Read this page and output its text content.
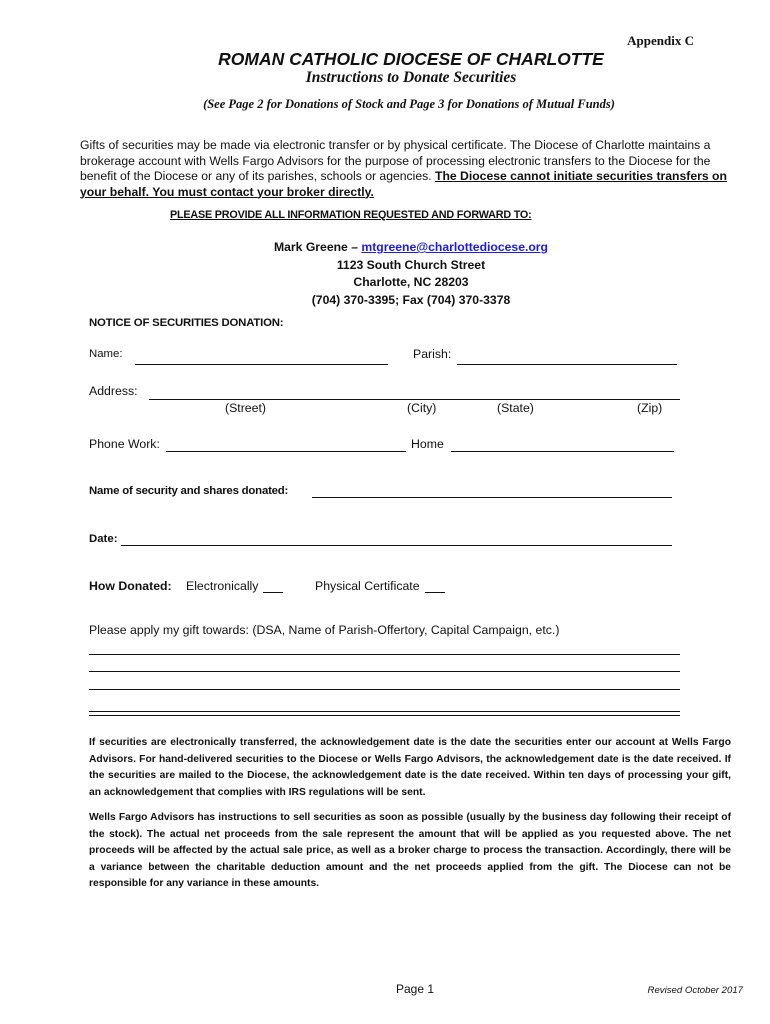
Appendix C
ROMAN CATHOLIC DIOCESE OF CHARLOTTE
Instructions to Donate Securities
(See Page 2 for Donations of Stock and Page 3 for Donations of Mutual Funds)
Gifts of securities may be made via electronic transfer or by physical certificate. The Diocese of Charlotte maintains a brokerage account with Wells Fargo Advisors for the purpose of processing electronic transfers to the Diocese for the benefit of the Diocese or any of its parishes, schools or agencies. The Diocese cannot initiate securities transfers on your behalf. You must contact your broker directly.
PLEASE PROVIDE ALL INFORMATION REQUESTED AND FORWARD TO:
Mark Greene – mtgreene@charlottediocese.org
1123 South Church Street
Charlotte, NC 28203
(704) 370-3395; Fax (704) 370-3378
NOTICE OF SECURITIES DONATION:
Name:	Parish:
Address:
(Street)	(City)	(State)	(Zip)
Phone Work:	Home
Name of security and shares donated:
Date:
How Donated: Electronically	Physical Certificate
Please apply my gift towards: (DSA, Name of Parish-Offertory, Capital Campaign, etc.)

If securities are electronically transferred, the acknowledgement date is the date the securities enter our account at Wells Fargo Advisors. For hand-delivered securities to the Diocese or Wells Fargo Advisors, the acknowledgement date is the date received. If the securities are mailed to the Diocese, the acknowledgement date is the date received. Within ten days of processing your gift, an acknowledgement that complies with IRS regulations will be sent.

Wells Fargo Advisors has instructions to sell securities as soon as possible (usually by the business day following their receipt of the stock). The actual net proceeds from the sale represent the amount that will be applied as you requested above. The net proceeds will be affected by the actual sale price, as well as a broker charge to process the transaction. Accordingly, there will be a variance between the charitable deduction amount and the net proceeds applied from the gift. The Diocese can not be responsible for any variance in these amounts.

Page 1	Revised October 2017
